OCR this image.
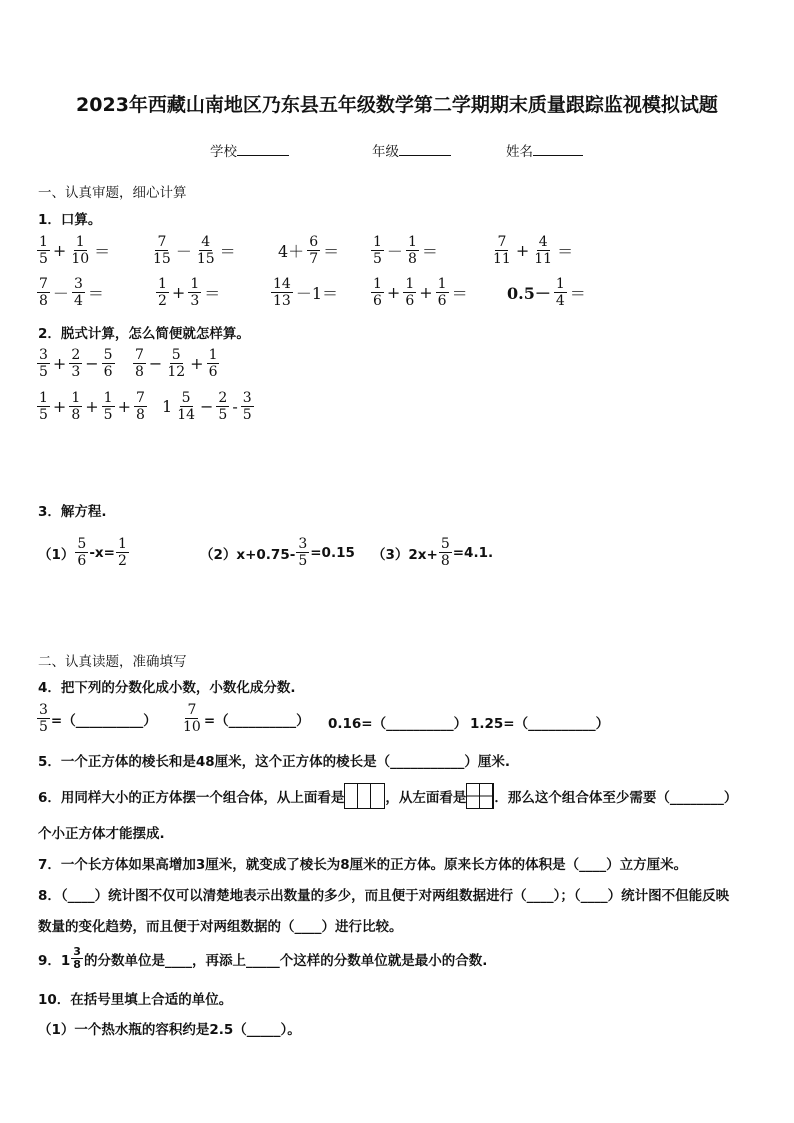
2023年西藏山南地区乃东县五年级数学第二学期期末质量跟踪监视模拟试题
学校	年级	姓名
一、认真审题，细心计算
1．口算。
1
$5 + \frac{1}{10}$ ＝	7
15 － 4
15 ＝	4＋ 6
7 ＝ 1
5 － 1
8 ＝	7
$11 + \frac{4}{11}$ ＝
7
8 － 3
4 ＝	1
$2 + \frac{1}{3}$ ＝	14
13 －1＝ 1
$6 + \frac{1}{6} + \frac{1}{6} = 0.5- 1$
4 ＝
2．脱式计算，怎么简便就怎样算。
3
$5 + \frac{2}{3} - \frac{5}{6} 7$
$8 - \frac{5}{12} + \frac{1}{6}$
1
$5 + \frac{1}{8} + \frac{1}{5} + \frac{7}{8} 1$ 5
$14 - \frac{2}{5} - 3$
5
3．解方程.
（1）
5
6
$-x= \frac{1}{2}$	$(2)x+0.75- \frac{3}{5} =0.15$ $(3)2x+ \frac{5}{8} =4.1$.
二、认真读题，准确填写
4．把下列的分数化成小数，小数化成分数.
$\frac{3}{5}$ =（__________） $\frac{7}{10}$ =（__________） 0.16=（__________） 1.25=（__________）
5．一个正方体的棱长和是48厘米，这个正方体的棱长是（___________）厘米.
6．用同样大小的正方体摆一个组合体，从上面看是	，从左面看是 ．那么这个组合体至少需要（________）
个小正方体才能摆成.
7．一个长方体如果高增加3厘米，就变成了棱长为8厘米的正方体。原来长方体的体积是（____）立方厘米。
8．（____）统计图不仅可以清楚地表示出数量的多少，而且便于对两组数据进行（____）；（____）统计图不但能反映
数量的变化趋势，而且便于对两组数据的（____）进行比较。
9．1
3
8 的分数单位是____，再添上_____个这样的分数单位就是最小的合数.
10．在括号里填上合适的单位。
（1）一个热水瓶的容积约是2.5（_____）。
